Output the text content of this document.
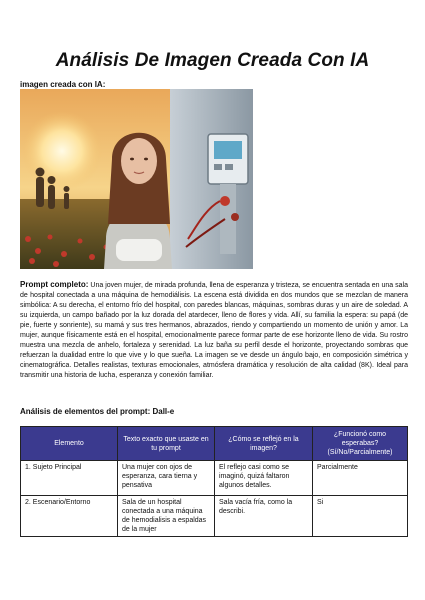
Análisis De Imagen Creada Con IA
imagen creada con IA:
Prompt completo: Una joven mujer, de mirada profunda, llena de esperanza y tristeza, se encuentra sentada en una sala de hospital conectada a una máquina de hemodiálisis. La escena está dividida en dos mundos que se mezclan de manera simbólica: A su derecha, el entorno frío del hospital, con paredes blancas, máquinas, sombras duras y un aire de soledad. A su izquierda, un campo bañado por la luz dorada del atardecer, lleno de flores y vida. Allí, su familia la espera: su papá (de pie, fuerte y sonriente), su mamá y sus tres hermanos, abrazados, riendo y compartiendo un momento de unión y amor. La mujer, aunque físicamente está en el hospital, emocionalmente parece formar parte de ese horizonte lleno de vida. Su rostro muestra una mezcla de anhelo, fortaleza y serenidad. La luz baña su perfil desde el horizonte, proyectando sombras que refuerzan la dualidad entre lo que vive y lo que sueña. La imagen se ve desde un ángulo bajo, en composición simétrica y cinematográfica. Detalles realistas, texturas emocionales, atmósfera dramática y resolución de alta calidad (8K). Ideal para transmitir una historia de lucha, esperanza y conexión familiar.
Análisis de elementos del prompt: Dall-e
Elemento	Texto exacto que usaste en tu prompt	¿Cómo se reflejó en la imagen?	¿Funcionó como esperabas? (Sí/No/Parcialmente)
1. Sujeto Principal	Una mujer con ojos de esperanza, cara tierna y pensativa	El reflejo casi como se imaginó, quizá faltaron algunos detalles.	Parcialmente
2. Escenario/Entorno	Sala de un hospital conectada a una máquina de hemodialisis a espaldas de la mujer	Sala vacía fría, como la describi.	Si
